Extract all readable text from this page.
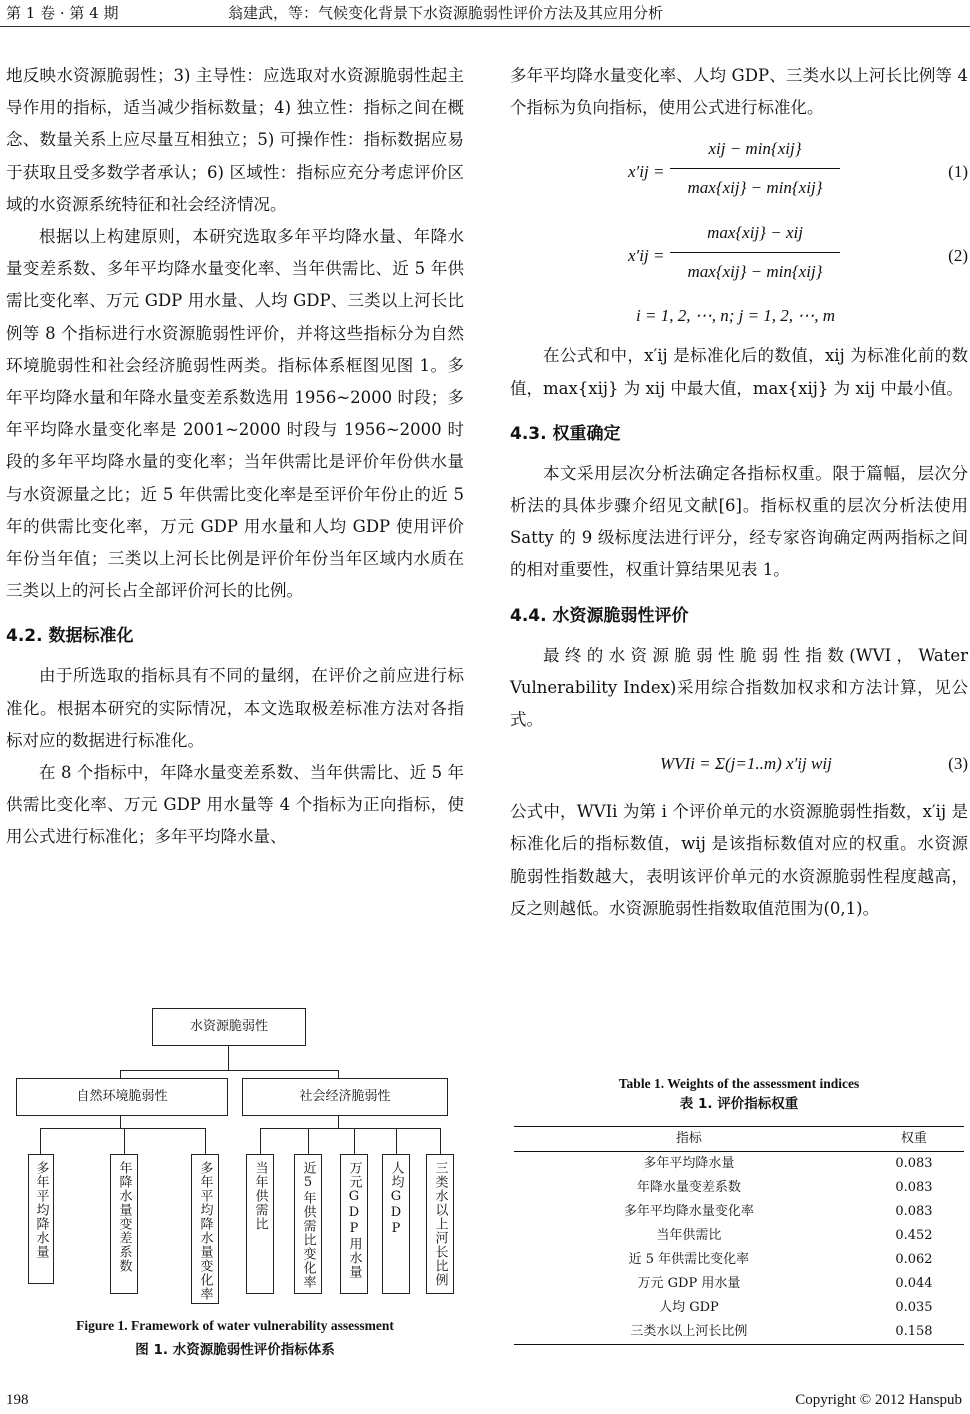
第 1 卷 · 第 4 期	翁建武，等：气候变化背景下水资源脆弱性评价方法及其应用分析

地反映水资源脆弱性；3) 主导性：应选取对水资源脆弱性起主导作用的指标，适当减少指标数量；4) 独立性：指标之间在概念、数量关系上应尽量互相独立；5) 可操作性：指标数据应易于获取且受多数学者承认；6) 区域性：指标应充分考虑评价区域的水资源系统特征和社会经济情况。

根据以上构建原则，本研究选取多年平均降水量、年降水量变差系数、多年平均降水量变化率、当年供需比、近 5 年供需比变化率、万元 GDP 用水量、人均 GDP、三类以上河长比例等 8 个指标进行水资源脆弱性评价，并将这些指标分为自然环境脆弱性和社会经济脆弱性两类。指标体系框图见图 1。多年平均降水量和年降水量变差系数选用 1956~2000 时段；多年平均降水量变化率是 2001~2000 时段与 1956~2000 时段的多年平均降水量的变化率；当年供需比是评价年份供水量与水资源量之比；近 5 年供需比变化率是至评价年份止的近 5 年的供需比变化率，万元 GDP 用水量和人均 GDP 使用评价年份当年值；三类以上河长比例是评价年份当年区域内水质在三类以上的河长占全部评价河长的比例。

4.2. 数据标准化

由于所选取的指标具有不同的量纲，在评价之前应进行标准化。根据本研究的实际情况，本文选取极差标准方法对各指标对应的数据进行标准化。

在 8 个指标中，年降水量变差系数、当年供需比、近 5 年供需比变化率、万元 GDP 用水量等 4 个指标为正向指标，使用公式进行标准化；多年平均降水量、

水资源脆弱性
自然环境脆弱性	社会经济脆弱性
多年平均降水量	年降水量变差系数	多年平均降水量变化率	当年供需比	近5年供需比变化率	万元GDP用水量	人均GDP	三类水以上河长比例
Figure 1. Framework of water vulnerability assessment
图 1. 水资源脆弱性评价指标体系

多年平均降水量变化率、人均 GDP、三类水以上河长比例等 4 个指标为负向指标，使用公式进行标准化。

x′ij =
xij − min{xij}
max{xij} − min{xij}
(1)
x′ij =
max{xij} − xij
max{xij} − min{xij}
(2)
i = 1, 2, ⋯, n; j = 1, 2, ⋯, m

在公式和中，x′ij 是标准化后的数值，xij 为标准化前的数值，max{xij} 为 xij 中最大值，max{xij} 为 xij 中最小值。

4.3. 权重确定

本文采用层次分析法确定各指标权重。限于篇幅，层次分析法的具体步骤介绍见文献[6]。指标权重的层次分析法使用 Satty 的 9 级标度法进行评分，经专家咨询确定两两指标之间的相对重要性，权重计算结果见表 1。

4.4. 水资源脆弱性评价

最终的水资源脆弱性脆弱性指数(WVI，Water Vulnerability Index)采用综合指数加权求和方法计算，见公式。

WVIi = Σ(j=1..m) x′ij wij	(3)

公式中，WVIi 为第 i 个评价单元的水资源脆弱性指数，x′ij 是标准化后的指标数值，wij 是该指标数值对应的权重。水资源脆弱性指数越大，表明该评价单元的水资源脆弱性程度越高，反之则越低。水资源脆弱性指数取值范围为(0,1)。

Table 1. Weights of the assessment indices
表 1. 评价指标权重
指标	权重
多年平均降水量	0.083
年降水量变差系数	0.083
多年平均降水量变化率	0.083
当年供需比	0.452
近 5 年供需比变化率	0.062
万元 GDP 用水量	0.044
人均 GDP	0.035
三类水以上河长比例	0.158
198	Copyright © 2012 Hanspub
